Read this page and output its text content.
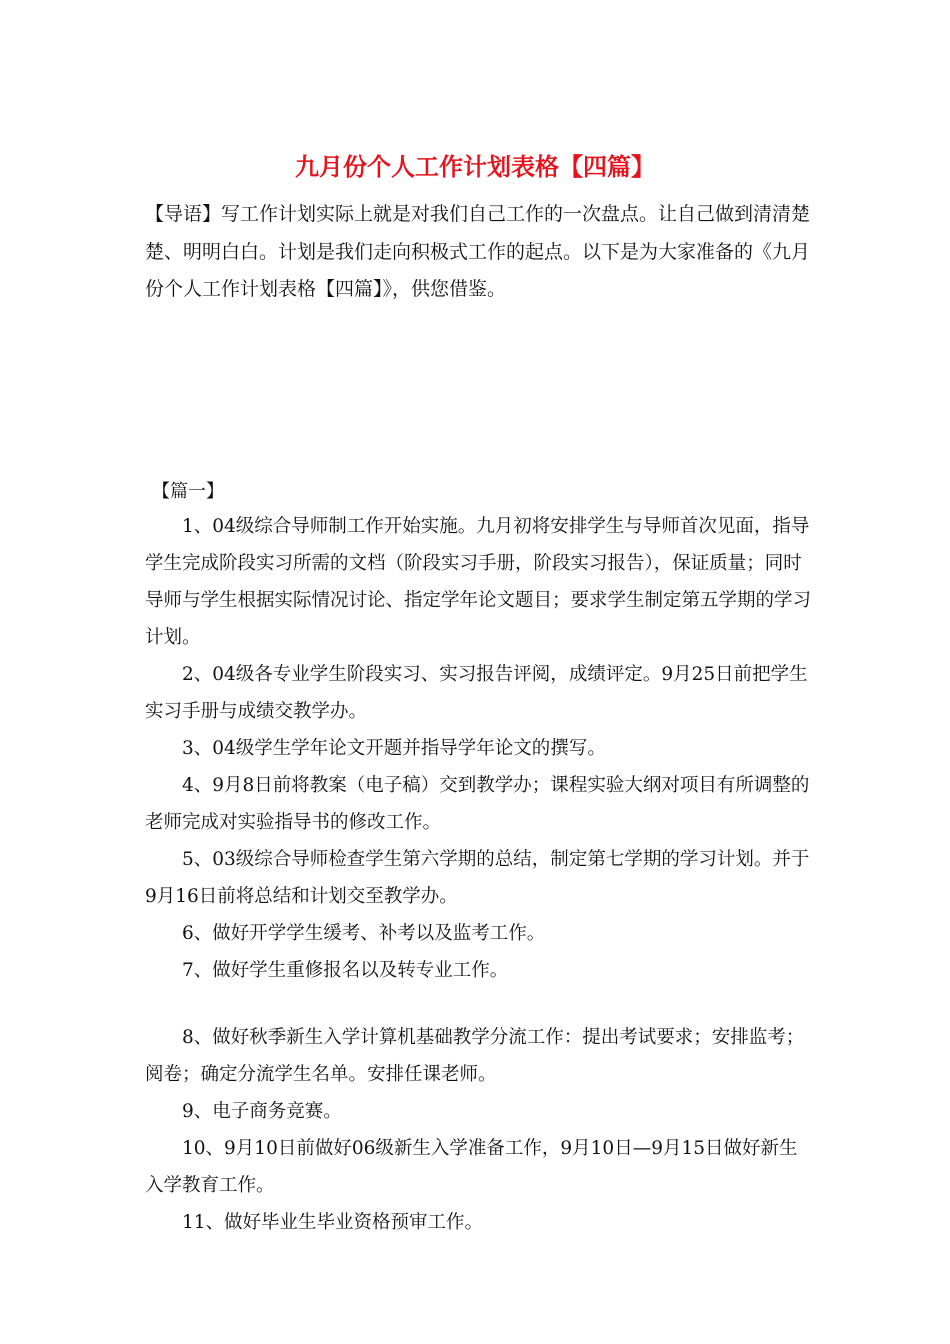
九月份个人工作计划表格【四篇】

【导语】写工作计划实际上就是对我们自己工作的一次盘点。让自己做到清清楚楚、明明白白。计划是我们走向积极式工作的起点。以下是为大家准备的《九月份个人工作计划表格【四篇】》，供您借鉴。

【篇一】

1、04级综合导师制工作开始实施。九月初将安排学生与导师首次见面，指导学生完成阶段实习所需的文档（阶段实习手册，阶段实习报告），保证质量；同时导师与学生根据实际情况讨论、指定学年论文题目；要求学生制定第五学期的学习计划。

2、04级各专业学生阶段实习、实习报告评阅，成绩评定。9月25日前把学生实习手册与成绩交教学办。

3、04级学生学年论文开题并指导学年论文的撰写。

4、9月8日前将教案（电子稿）交到教学办；课程实验大纲对项目有所调整的老师完成对实验指导书的修改工作。

5、03级综合导师检查学生第六学期的总结，制定第七学期的学习计划。并于9月16日前将总结和计划交至教学办。

6、做好开学学生缓考、补考以及监考工作。

7、做好学生重修报名以及转专业工作。

8、做好秋季新生入学计算机基础教学分流工作：提出考试要求；安排监考；阅卷；确定分流学生名单。安排任课老师。

9、电子商务竞赛。

10、9月10日前做好06级新生入学准备工作，9月10日—9月15日做好新生入学教育工作。

11、做好毕业生毕业资格预审工作。
